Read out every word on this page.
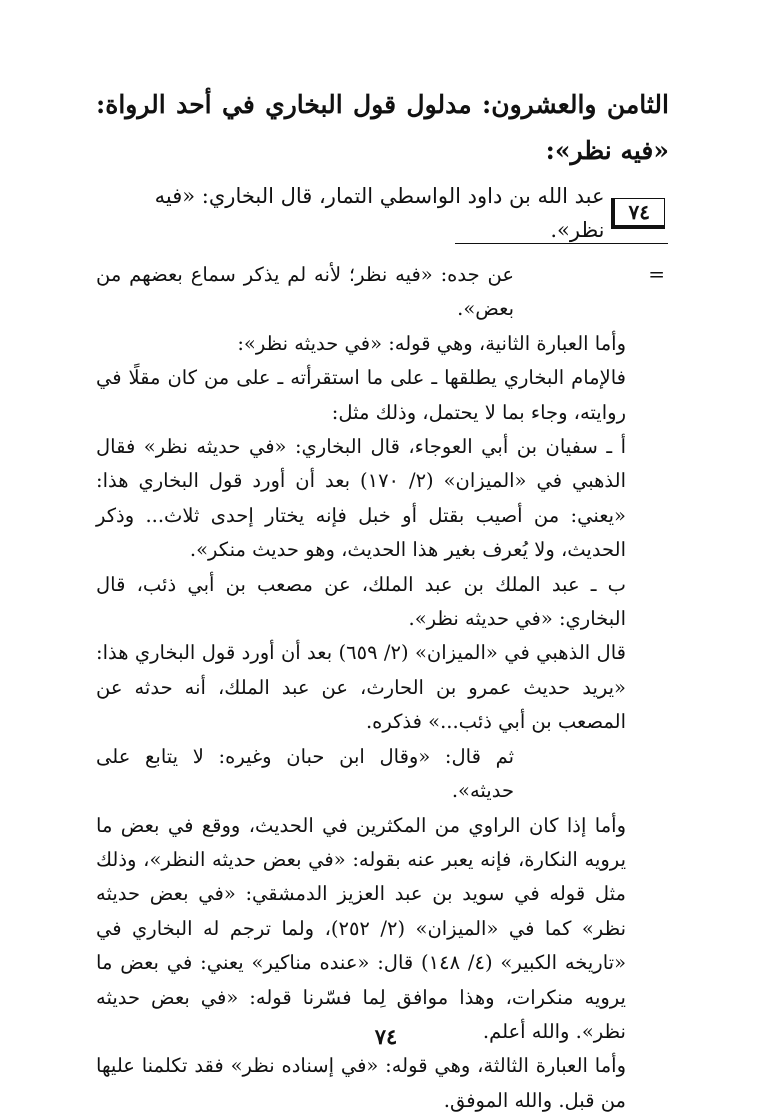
الثامن والعشرون: مدلول قول البخاري في أحد الرواة: «فيه نظر»:
٧٤
عبد الله بن داود الواسطي التمار، قال البخاري: «فيه نظر».
=

عن جده: «فيه نظر؛ لأنه لم يذكر سماع بعضهم من بعض».

وأما العبارة الثانية، وهي قوله: «في حديثه نظر»:

فالإمام البخاري يطلقها ـ على ما استقرأته ـ على من كان مقلًا في روايته، وجاء بما لا يحتمل، وذلك مثل:

أ ـ سفيان بن أبي العوجاء، قال البخاري: «في حديثه نظر» فقال الذهبي في «الميزان» (٢/ ١٧٠) بعد أن أورد قول البخاري هذا: «يعني: من أصيب بقتل أو خبل فإنه يختار إحدى ثلاث... وذكر الحديث، ولا يُعرف بغير هذا الحديث، وهو حديث منكر».

ب ـ عبد الملك بن عبد الملك، عن مصعب بن أبي ذئب، قال البخاري: «في حديثه نظر».

قال الذهبي في «الميزان» (٢/ ٦٥٩) بعد أن أورد قول البخاري هذا: «يريد حديث عمرو بن الحارث، عن عبد الملك، أنه حدثه عن المصعب بن أبي ذئب...» فذكره.

ثم قال: «وقال ابن حبان وغيره: لا يتابع على حديثه».

وأما إذا كان الراوي من المكثرين في الحديث، ووقع في بعض ما يرويه النكارة، فإنه يعبر عنه بقوله: «في بعض حديثه النظر»، وذلك مثل قوله في سويد بن عبد العزيز الدمشقي: «في بعض حديثه نظر» كما في «الميزان» (٢/ ٢٥٢)، ولما ترجم له البخاري في «تاريخه الكبير» (٤/ ١٤٨) قال: «عنده مناكير» يعني: في بعض ما يرويه منكرات، وهذا موافق لِما فسّرنا قوله: «في بعض حديثه نظر». والله أعلم.

وأما العبارة الثالثة، وهي قوله: «في إسناده نظر» فقد تكلمنا عليها من قبل. والله الموفق.

٧٤
